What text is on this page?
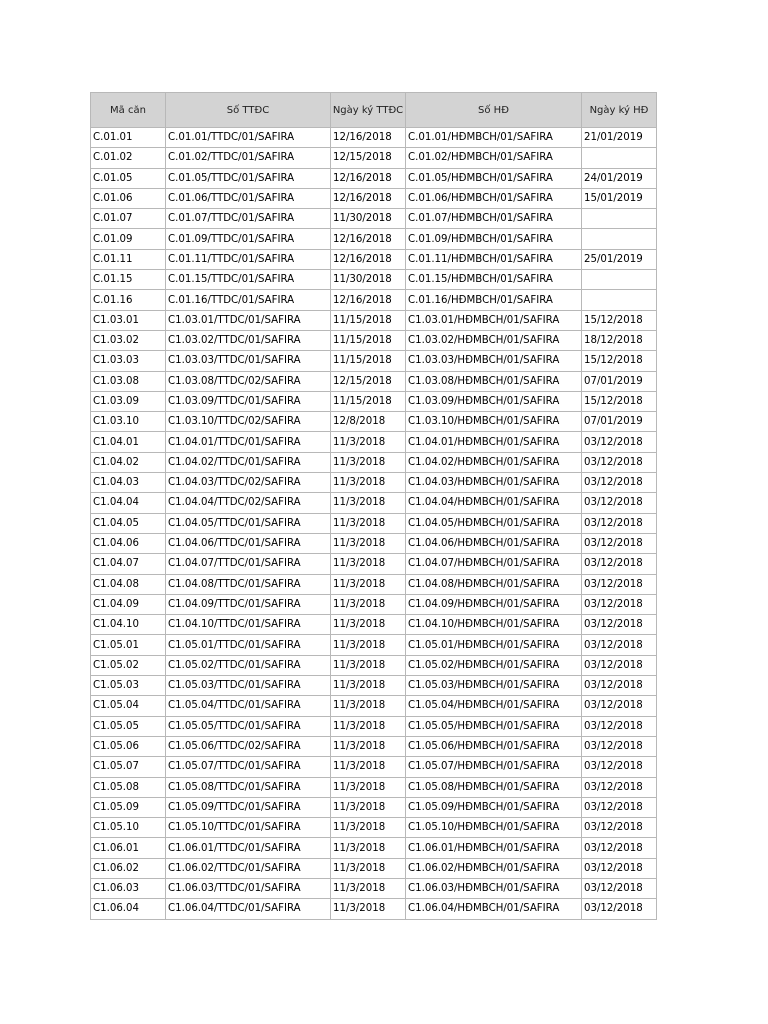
Mã căn	Số TTĐC	Ngày ký TTĐC	Số HĐ	Ngày ký HĐ
C.01.01	C.01.01/TTDC/01/SAFIRA	12/16/2018	C.01.01/HĐMBCH/01/SAFIRA	21/01/2019
C.01.02	C.01.02/TTDC/01/SAFIRA	12/15/2018	C.01.02/HĐMBCH/01/SAFIRA	
C.01.05	C.01.05/TTDC/01/SAFIRA	12/16/2018	C.01.05/HĐMBCH/01/SAFIRA	24/01/2019
C.01.06	C.01.06/TTDC/01/SAFIRA	12/16/2018	C.01.06/HĐMBCH/01/SAFIRA	15/01/2019
C.01.07	C.01.07/TTDC/01/SAFIRA	11/30/2018	C.01.07/HĐMBCH/01/SAFIRA	
C.01.09	C.01.09/TTDC/01/SAFIRA	12/16/2018	C.01.09/HĐMBCH/01/SAFIRA	
C.01.11	C.01.11/TTDC/01/SAFIRA	12/16/2018	C.01.11/HĐMBCH/01/SAFIRA	25/01/2019
C.01.15	C.01.15/TTDC/01/SAFIRA	11/30/2018	C.01.15/HĐMBCH/01/SAFIRA	
C.01.16	C.01.16/TTDC/01/SAFIRA	12/16/2018	C.01.16/HĐMBCH/01/SAFIRA	
C1.03.01	C1.03.01/TTDC/01/SAFIRA	11/15/2018	C1.03.01/HĐMBCH/01/SAFIRA	15/12/2018
C1.03.02	C1.03.02/TTDC/01/SAFIRA	11/15/2018	C1.03.02/HĐMBCH/01/SAFIRA	18/12/2018
C1.03.03	C1.03.03/TTDC/01/SAFIRA	11/15/2018	C1.03.03/HĐMBCH/01/SAFIRA	15/12/2018
C1.03.08	C1.03.08/TTDC/02/SAFIRA	12/15/2018	C1.03.08/HĐMBCH/01/SAFIRA	07/01/2019
C1.03.09	C1.03.09/TTDC/01/SAFIRA	11/15/2018	C1.03.09/HĐMBCH/01/SAFIRA	15/12/2018
C1.03.10	C1.03.10/TTDC/02/SAFIRA	12/8/2018	C1.03.10/HĐMBCH/01/SAFIRA	07/01/2019
C1.04.01	C1.04.01/TTDC/01/SAFIRA	11/3/2018	C1.04.01/HĐMBCH/01/SAFIRA	03/12/2018
C1.04.02	C1.04.02/TTDC/01/SAFIRA	11/3/2018	C1.04.02/HĐMBCH/01/SAFIRA	03/12/2018
C1.04.03	C1.04.03/TTDC/02/SAFIRA	11/3/2018	C1.04.03/HĐMBCH/01/SAFIRA	03/12/2018
C1.04.04	C1.04.04/TTDC/02/SAFIRA	11/3/2018	C1.04.04/HĐMBCH/01/SAFIRA	03/12/2018
C1.04.05	C1.04.05/TTDC/01/SAFIRA	11/3/2018	C1.04.05/HĐMBCH/01/SAFIRA	03/12/2018
C1.04.06	C1.04.06/TTDC/01/SAFIRA	11/3/2018	C1.04.06/HĐMBCH/01/SAFIRA	03/12/2018
C1.04.07	C1.04.07/TTDC/01/SAFIRA	11/3/2018	C1.04.07/HĐMBCH/01/SAFIRA	03/12/2018
C1.04.08	C1.04.08/TTDC/01/SAFIRA	11/3/2018	C1.04.08/HĐMBCH/01/SAFIRA	03/12/2018
C1.04.09	C1.04.09/TTDC/01/SAFIRA	11/3/2018	C1.04.09/HĐMBCH/01/SAFIRA	03/12/2018
C1.04.10	C1.04.10/TTDC/01/SAFIRA	11/3/2018	C1.04.10/HĐMBCH/01/SAFIRA	03/12/2018
C1.05.01	C1.05.01/TTDC/01/SAFIRA	11/3/2018	C1.05.01/HĐMBCH/01/SAFIRA	03/12/2018
C1.05.02	C1.05.02/TTDC/01/SAFIRA	11/3/2018	C1.05.02/HĐMBCH/01/SAFIRA	03/12/2018
C1.05.03	C1.05.03/TTDC/01/SAFIRA	11/3/2018	C1.05.03/HĐMBCH/01/SAFIRA	03/12/2018
C1.05.04	C1.05.04/TTDC/01/SAFIRA	11/3/2018	C1.05.04/HĐMBCH/01/SAFIRA	03/12/2018
C1.05.05	C1.05.05/TTDC/01/SAFIRA	11/3/2018	C1.05.05/HĐMBCH/01/SAFIRA	03/12/2018
C1.05.06	C1.05.06/TTDC/02/SAFIRA	11/3/2018	C1.05.06/HĐMBCH/01/SAFIRA	03/12/2018
C1.05.07	C1.05.07/TTDC/01/SAFIRA	11/3/2018	C1.05.07/HĐMBCH/01/SAFIRA	03/12/2018
C1.05.08	C1.05.08/TTDC/01/SAFIRA	11/3/2018	C1.05.08/HĐMBCH/01/SAFIRA	03/12/2018
C1.05.09	C1.05.09/TTDC/01/SAFIRA	11/3/2018	C1.05.09/HĐMBCH/01/SAFIRA	03/12/2018
C1.05.10	C1.05.10/TTDC/01/SAFIRA	11/3/2018	C1.05.10/HĐMBCH/01/SAFIRA	03/12/2018
C1.06.01	C1.06.01/TTDC/01/SAFIRA	11/3/2018	C1.06.01/HĐMBCH/01/SAFIRA	03/12/2018
C1.06.02	C1.06.02/TTDC/01/SAFIRA	11/3/2018	C1.06.02/HĐMBCH/01/SAFIRA	03/12/2018
C1.06.03	C1.06.03/TTDC/01/SAFIRA	11/3/2018	C1.06.03/HĐMBCH/01/SAFIRA	03/12/2018
C1.06.04	C1.06.04/TTDC/01/SAFIRA	11/3/2018	C1.06.04/HĐMBCH/01/SAFIRA	03/12/2018
